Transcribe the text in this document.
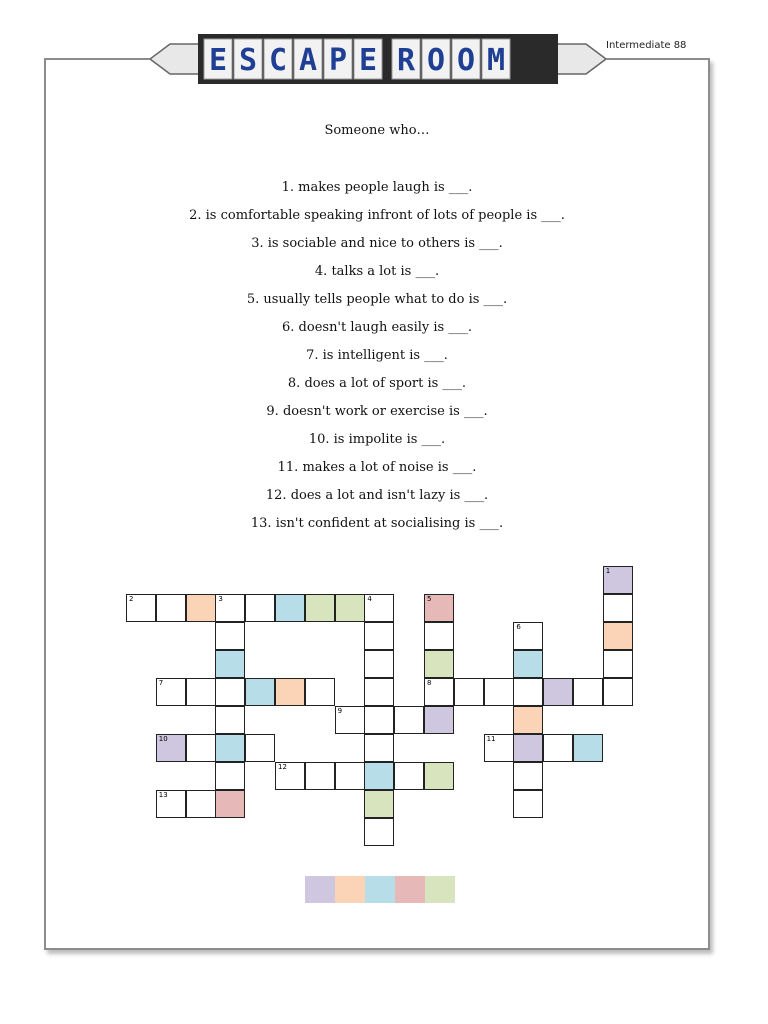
E S C A P E R O O M	Intermediate 88
Someone who…
1. makes people laugh is ___.
2. is comfortable speaking infront of lots of people is ___.
3. is sociable and nice to others is ___.
4. talks a lot is ___.
5. usually tells people what to do is ___.
6. doesn't laugh easily is ___.
7. is intelligent is ___.
8. does a lot of sport is ___.
9. doesn't work or exercise is ___.
10. is impolite is ___.
11. makes a lot of noise is ___.
12. does a lot and isn't lazy is ___.
13. isn't confident at socialising is ___.
1
2	3	4	5
6
7	8
9
10	11
12
13
